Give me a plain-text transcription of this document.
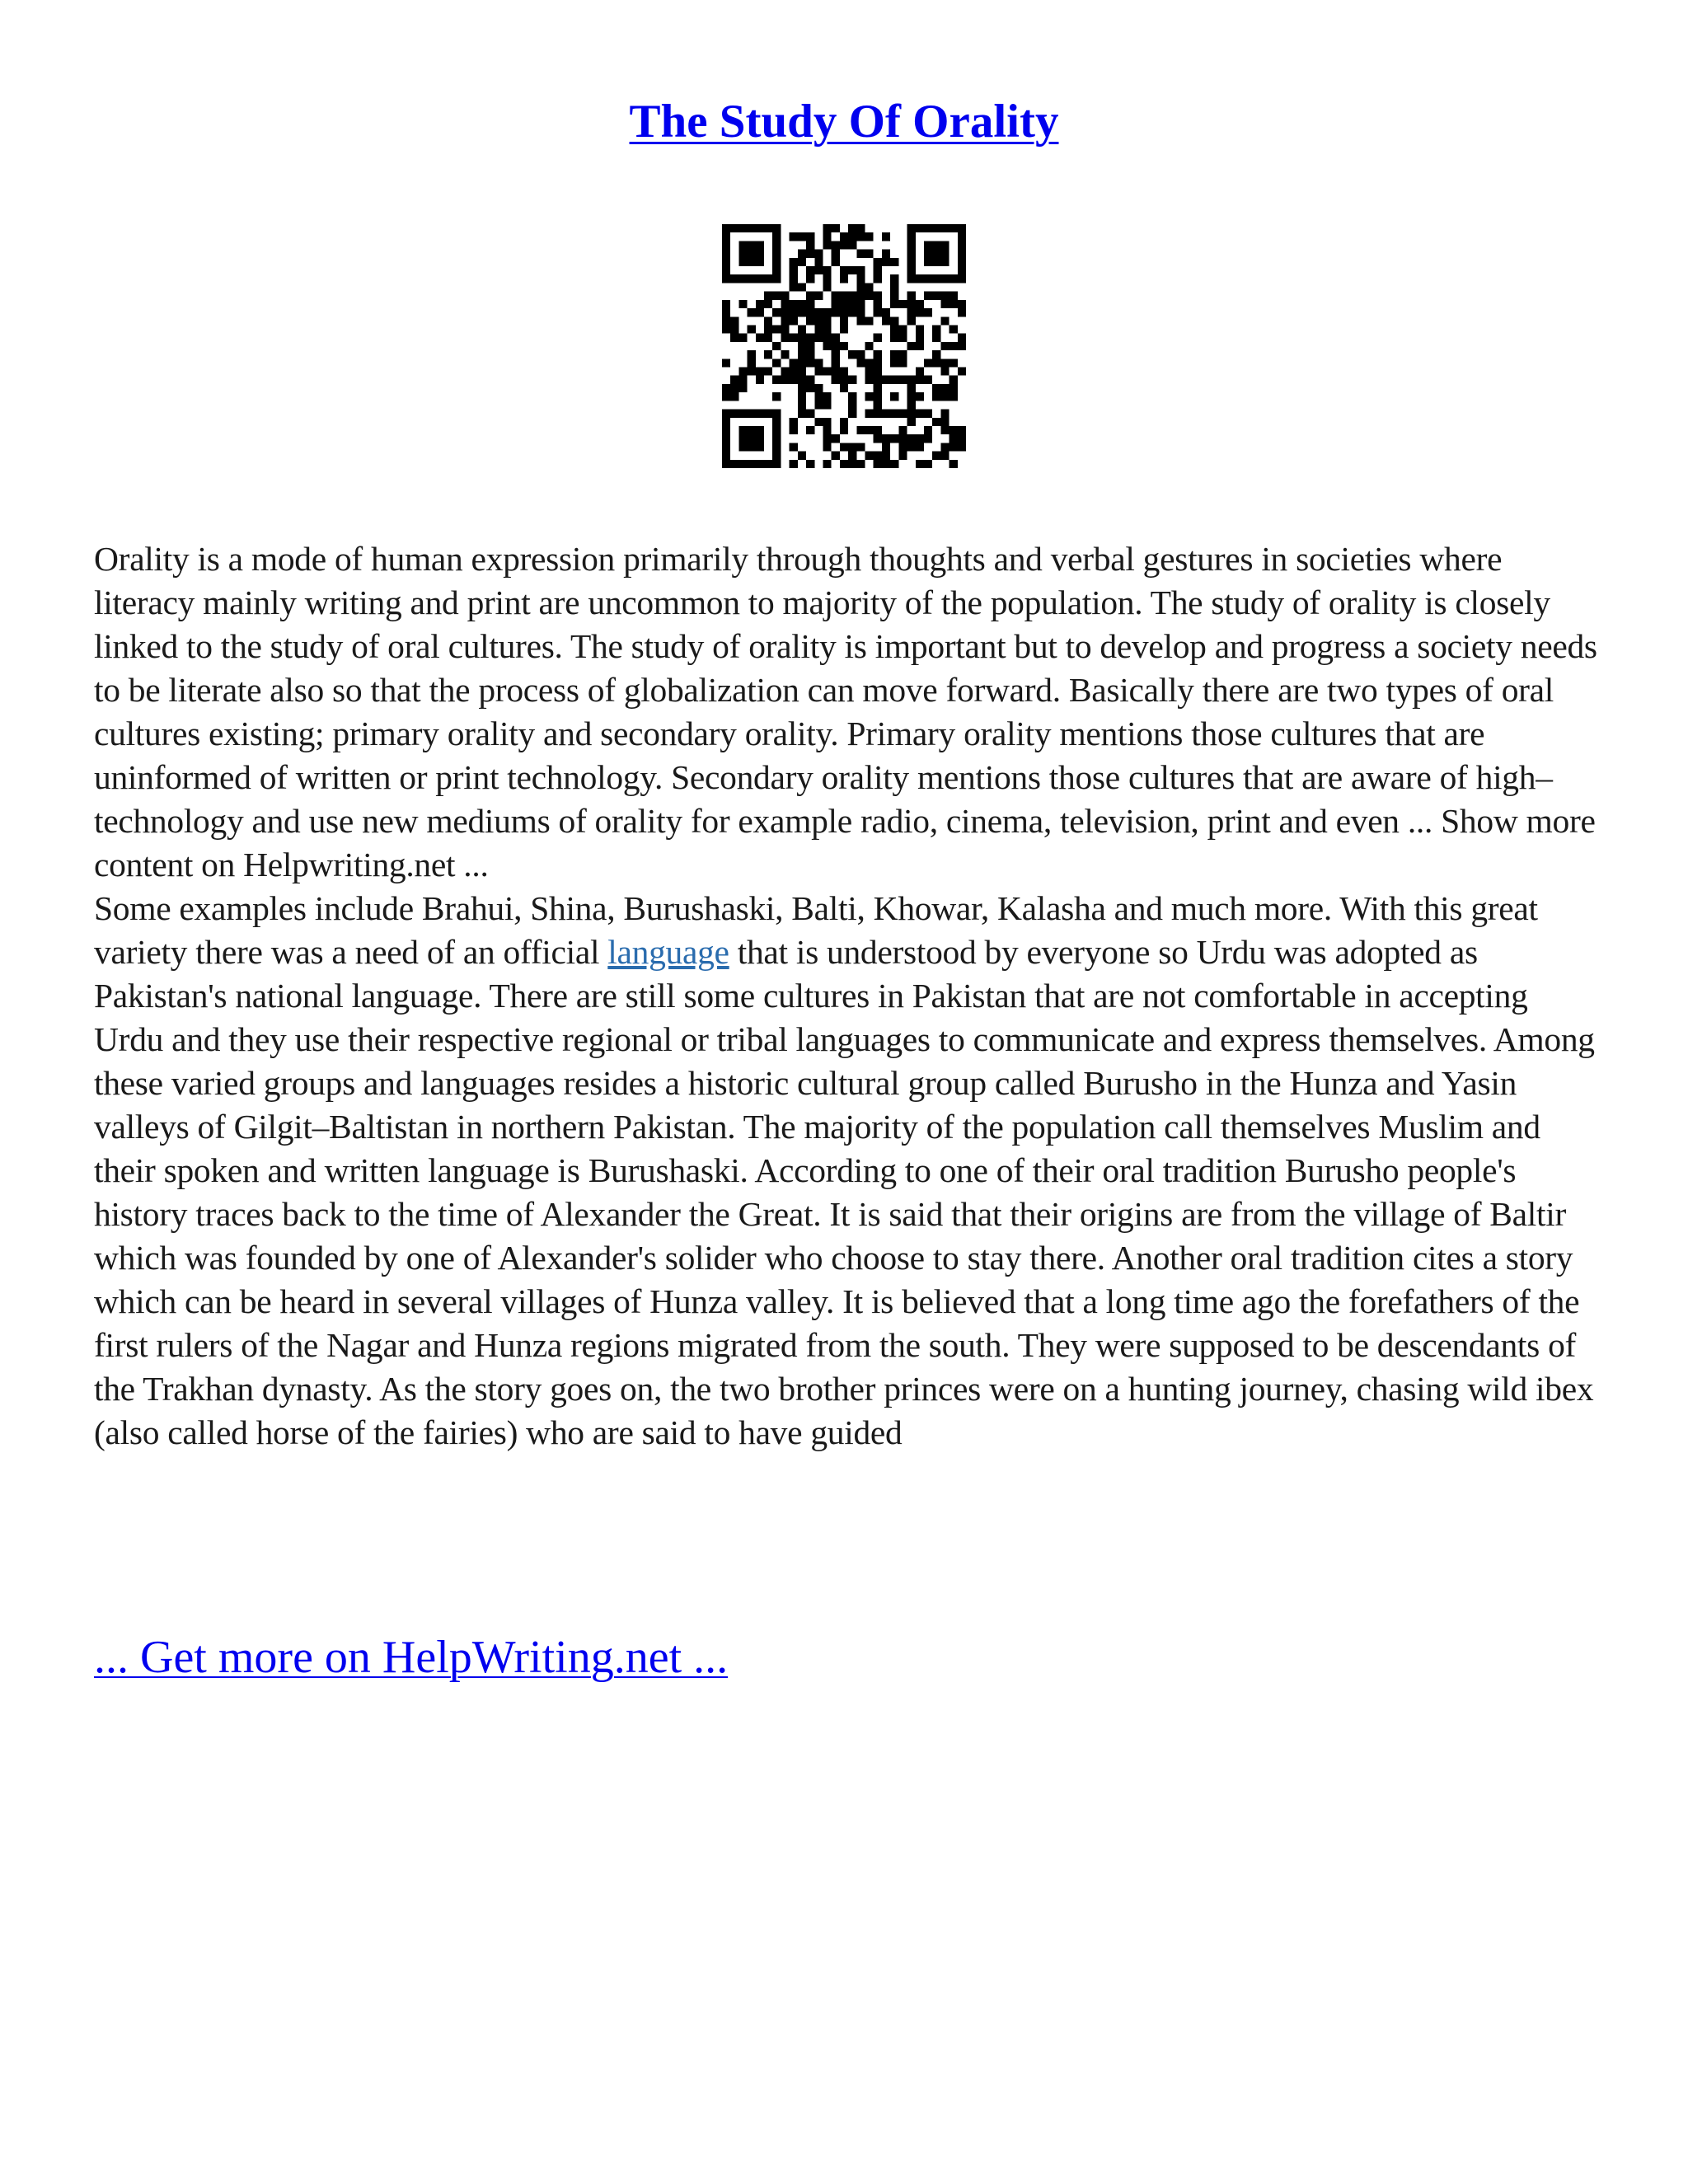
The Study Of Orality

Orality is a mode of human expression primarily through thoughts and verbal gestures in societies where literacy mainly writing and print are uncommon to majority of the population. The study of orality is closely linked to the study of oral cultures. The study of orality is important but to develop and progress a society needs to be literate also so that the process of globalization can move forward. Basically there are two types of oral cultures existing; primary orality and secondary orality. Primary orality mentions those cultures that are uninformed of written or print technology. Secondary orality mentions those cultures that are aware of high–technology and use new mediums of orality for example radio, cinema, television, print and even ... Show more content on Helpwriting.net ...

Some examples include Brahui, Shina, Burushaski, Balti, Khowar, Kalasha and much more. With this great variety there was a need of an official language that is understood by everyone so Urdu was adopted as Pakistan's national language. There are still some cultures in Pakistan that are not comfortable in accepting Urdu and they use their respective regional or tribal languages to communicate and express themselves. Among these varied groups and languages resides a historic cultural group called Burusho in the Hunza and Yasin valleys of Gilgit–Baltistan in northern Pakistan. The majority of the population call themselves Muslim and their spoken and written language is Burushaski. According to one of their oral tradition Burusho people's history traces back to the time of Alexander the Great. It is said that their origins are from the village of Baltir which was founded by one of Alexander's solider who choose to stay there. Another oral tradition cites a story which can be heard in several villages of Hunza valley. It is believed that a long time ago the forefathers of the first rulers of the Nagar and Hunza regions migrated from the south. They were supposed to be descendants of the Trakhan dynasty. As the story goes on, the two brother princes were on a hunting journey, chasing wild ibex (also called horse of the fairies) who are said to have guided

... Get more on HelpWriting.net ...
